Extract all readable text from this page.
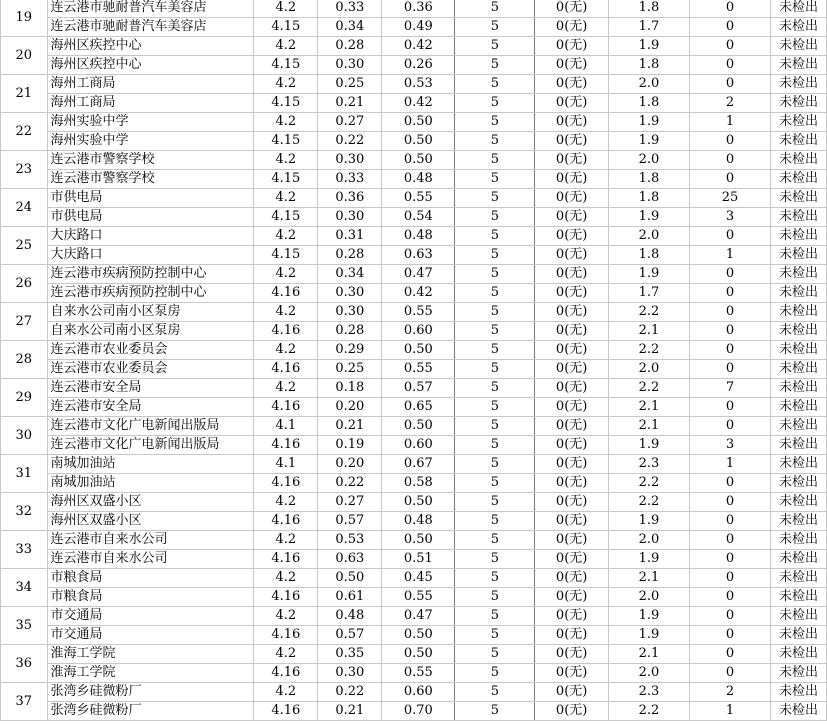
19	连云港市驰耐普汽车美容店	4.2	0.33	0.36	5	0(无)	1.8	0	未检出
	连云港市驰耐普汽车美容店	4.15	0.34	0.49	5	0(无)	1.7	0	未检出
20	海州区疾控中心	4.2	0.28	0.42	5	0(无)	1.9	0	未检出
	海州区疾控中心	4.15	0.30	0.26	5	0(无)	1.8	0	未检出
21	海州工商局	4.2	0.25	0.53	5	0(无)	2.0	0	未检出
	海州工商局	4.15	0.21	0.42	5	0(无)	1.8	2	未检出
22	海州实验中学	4.2	0.27	0.50	5	0(无)	1.9	1	未检出
	海州实验中学	4.15	0.22	0.50	5	0(无)	1.9	0	未检出
23	连云港市警察学校	4.2	0.30	0.50	5	0(无)	2.0	0	未检出
	连云港市警察学校	4.15	0.33	0.48	5	0(无)	1.8	0	未检出
24	市供电局	4.2	0.36	0.55	5	0(无)	1.8	25	未检出
	市供电局	4.15	0.30	0.54	5	0(无)	1.9	3	未检出
25	大庆路口	4.2	0.31	0.48	5	0(无)	2.0	0	未检出
	大庆路口	4.15	0.28	0.63	5	0(无)	1.8	1	未检出
26	连云港市疾病预防控制中心	4.2	0.34	0.47	5	0(无)	1.9	0	未检出
	连云港市疾病预防控制中心	4.16	0.30	0.42	5	0(无)	1.7	0	未检出
27	自来水公司南小区泵房	4.2	0.30	0.55	5	0(无)	2.2	0	未检出
	自来水公司南小区泵房	4.16	0.28	0.60	5	0(无)	2.1	0	未检出
28	连云港市农业委员会	4.2	0.29	0.50	5	0(无)	2.2	0	未检出
	连云港市农业委员会	4.16	0.25	0.55	5	0(无)	2.0	0	未检出
29	连云港市安全局	4.2	0.18	0.57	5	0(无)	2.2	7	未检出
	连云港市安全局	4.16	0.20	0.65	5	0(无)	2.1	0	未检出
30	连云港市文化广电新闻出版局	4.1	0.21	0.50	5	0(无)	2.1	0	未检出
	连云港市文化广电新闻出版局	4.16	0.19	0.60	5	0(无)	1.9	3	未检出
31	南城加油站	4.1	0.20	0.67	5	0(无)	2.3	1	未检出
	南城加油站	4.16	0.22	0.58	5	0(无)	2.2	0	未检出
32	海州区双盛小区	4.2	0.27	0.50	5	0(无)	2.2	0	未检出
	海州区双盛小区	4.16	0.57	0.48	5	0(无)	1.9	0	未检出
33	连云港市自来水公司	4.2	0.53	0.50	5	0(无)	2.0	0	未检出
	连云港市自来水公司	4.16	0.63	0.51	5	0(无)	1.9	0	未检出
34	市粮食局	4.2	0.50	0.45	5	0(无)	2.1	0	未检出
	市粮食局	4.16	0.61	0.55	5	0(无)	2.0	0	未检出
35	市交通局	4.2	0.48	0.47	5	0(无)	1.9	0	未检出
	市交通局	4.16	0.57	0.50	5	0(无)	1.9	0	未检出
36	淮海工学院	4.2	0.35	0.50	5	0(无)	2.1	0	未检出
	淮海工学院	4.16	0.30	0.55	5	0(无)	2.0	0	未检出
37	张湾乡硅微粉厂	4.2	0.22	0.60	5	0(无)	2.3	2	未检出
	张湾乡硅微粉厂	4.16	0.21	0.70	5	0(无)	2.2	1	未检出
